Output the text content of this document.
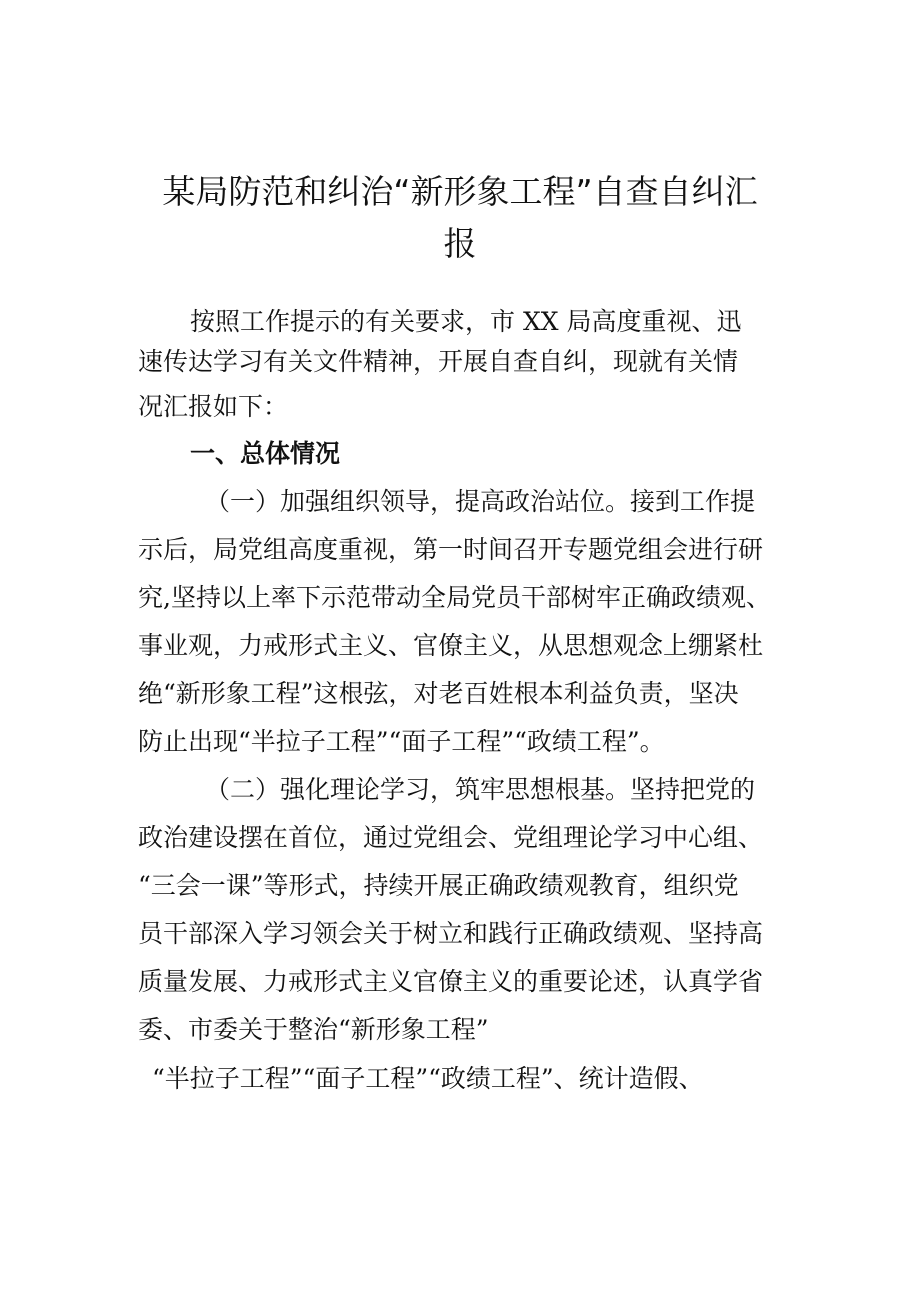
某局防范和纠治“新形象工程”自查自纠汇
报

按照工作提示的有关要求，市 XX 局高度重视、迅

速传达学习有关文件精神，开展自查自纠，现就有关情

况汇报如下：

一、总体情况

（一）加强组织领导，提高政治站位。接到工作提

示后，局党组高度重视，第一时间召开专题党组会进行研

究,坚持以上率下示范带动全局党员干部树牢正确政绩观、

事业观，力戒形式主义、官僚主义，从思想观念上绷紧杜

绝“新形象工程”这根弦，对老百姓根本利益负责，坚决

防止出现“半拉子工程”“面子工程”“政绩工程”。

（二）强化理论学习，筑牢思想根基。坚持把党的

政治建设摆在首位，通过党组会、党组理论学习中心组、

“三会一课”等形式，持续开展正确政绩观教育，组织党

员干部深入学习领会关于树立和践行正确政绩观、坚持高

质量发展、力戒形式主义官僚主义的重要论述，认真学省

委、市委关于整治“新形象工程”

“半拉子工程”“面子工程”“政绩工程”、统计造假、
